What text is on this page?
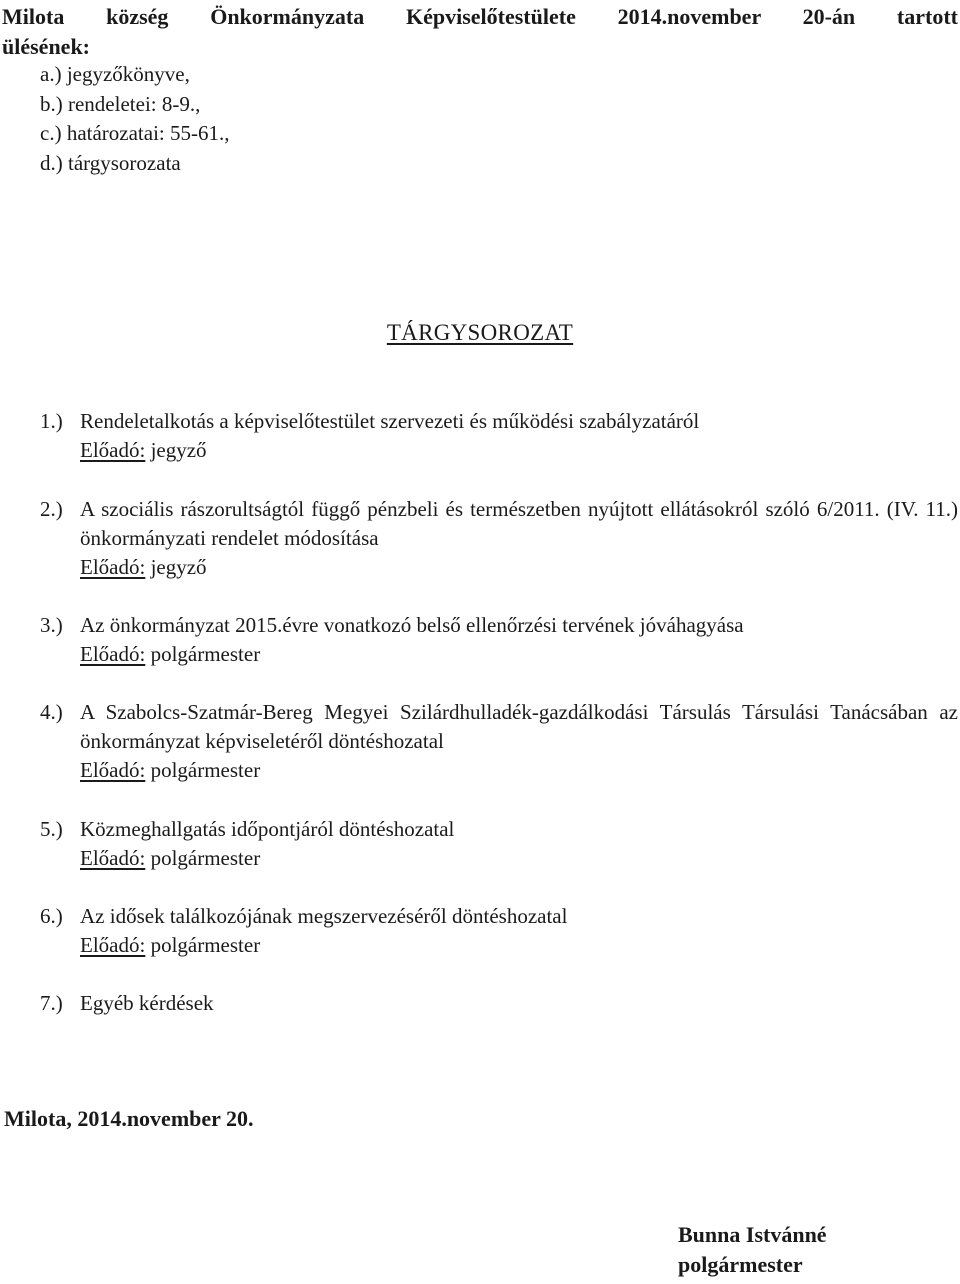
Milota község Önkormányzata Képviselőtestülete 2014.november 20-án tartott
ülésének:
a.) jegyzőkönyve,
b.) rendeletei: 8-9.,
c.) határozatai: 55-61.,
d.) tárgysorozata
TÁRGYSOROZAT
1.) Rendeletalkotás a képviselőtestület szervezeti és működési szabályzatáról
Előadó: jegyző
2.) A szociális rászorultságtól függő pénzbeli és természetben nyújtott ellátásokról szóló 6/2011. (IV. 11.) önkormányzati rendelet módosítása
Előadó: jegyző
3.) Az önkormányzat 2015.évre vonatkozó belső ellenőrzési tervének jóváhagyása
Előadó: polgármester
4.) A Szabolcs-Szatmár-Bereg Megyei Szilárdhulladék-gazdálkodási Társulás Társulási Tanácsában az önkormányzat képviseletéről döntéshozatal
Előadó: polgármester
5.) Közmeghallgatás időpontjáról döntéshozatal
Előadó: polgármester
6.) Az idősek találkozójának megszervezéséről döntéshozatal
Előadó: polgármester
7.) Egyéb kérdések
Milota, 2014.november 20.
Bunna Istvánné
polgármester
